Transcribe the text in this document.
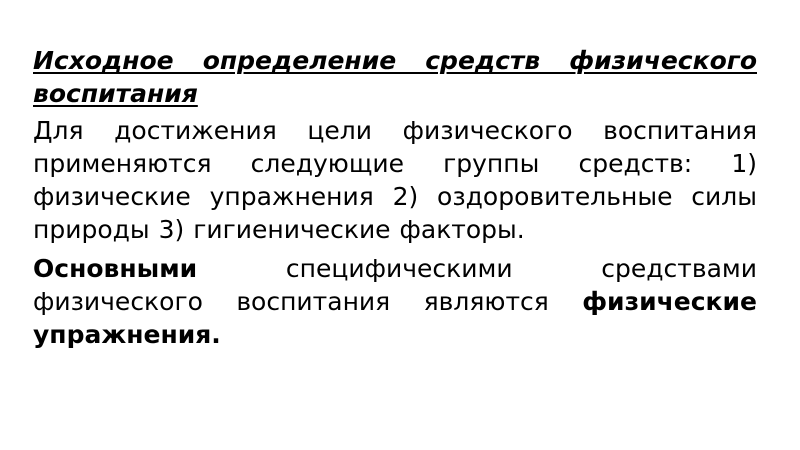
Исходное определение средств физического воспитания

Для достижения цели физического воспитания применяются следующие группы средств: 1) физические упражнения 2) оздоровительные силы природы 3) гигиенические факторы.

Основными специфическими средствами физического воспитания являются физические упражнения.
